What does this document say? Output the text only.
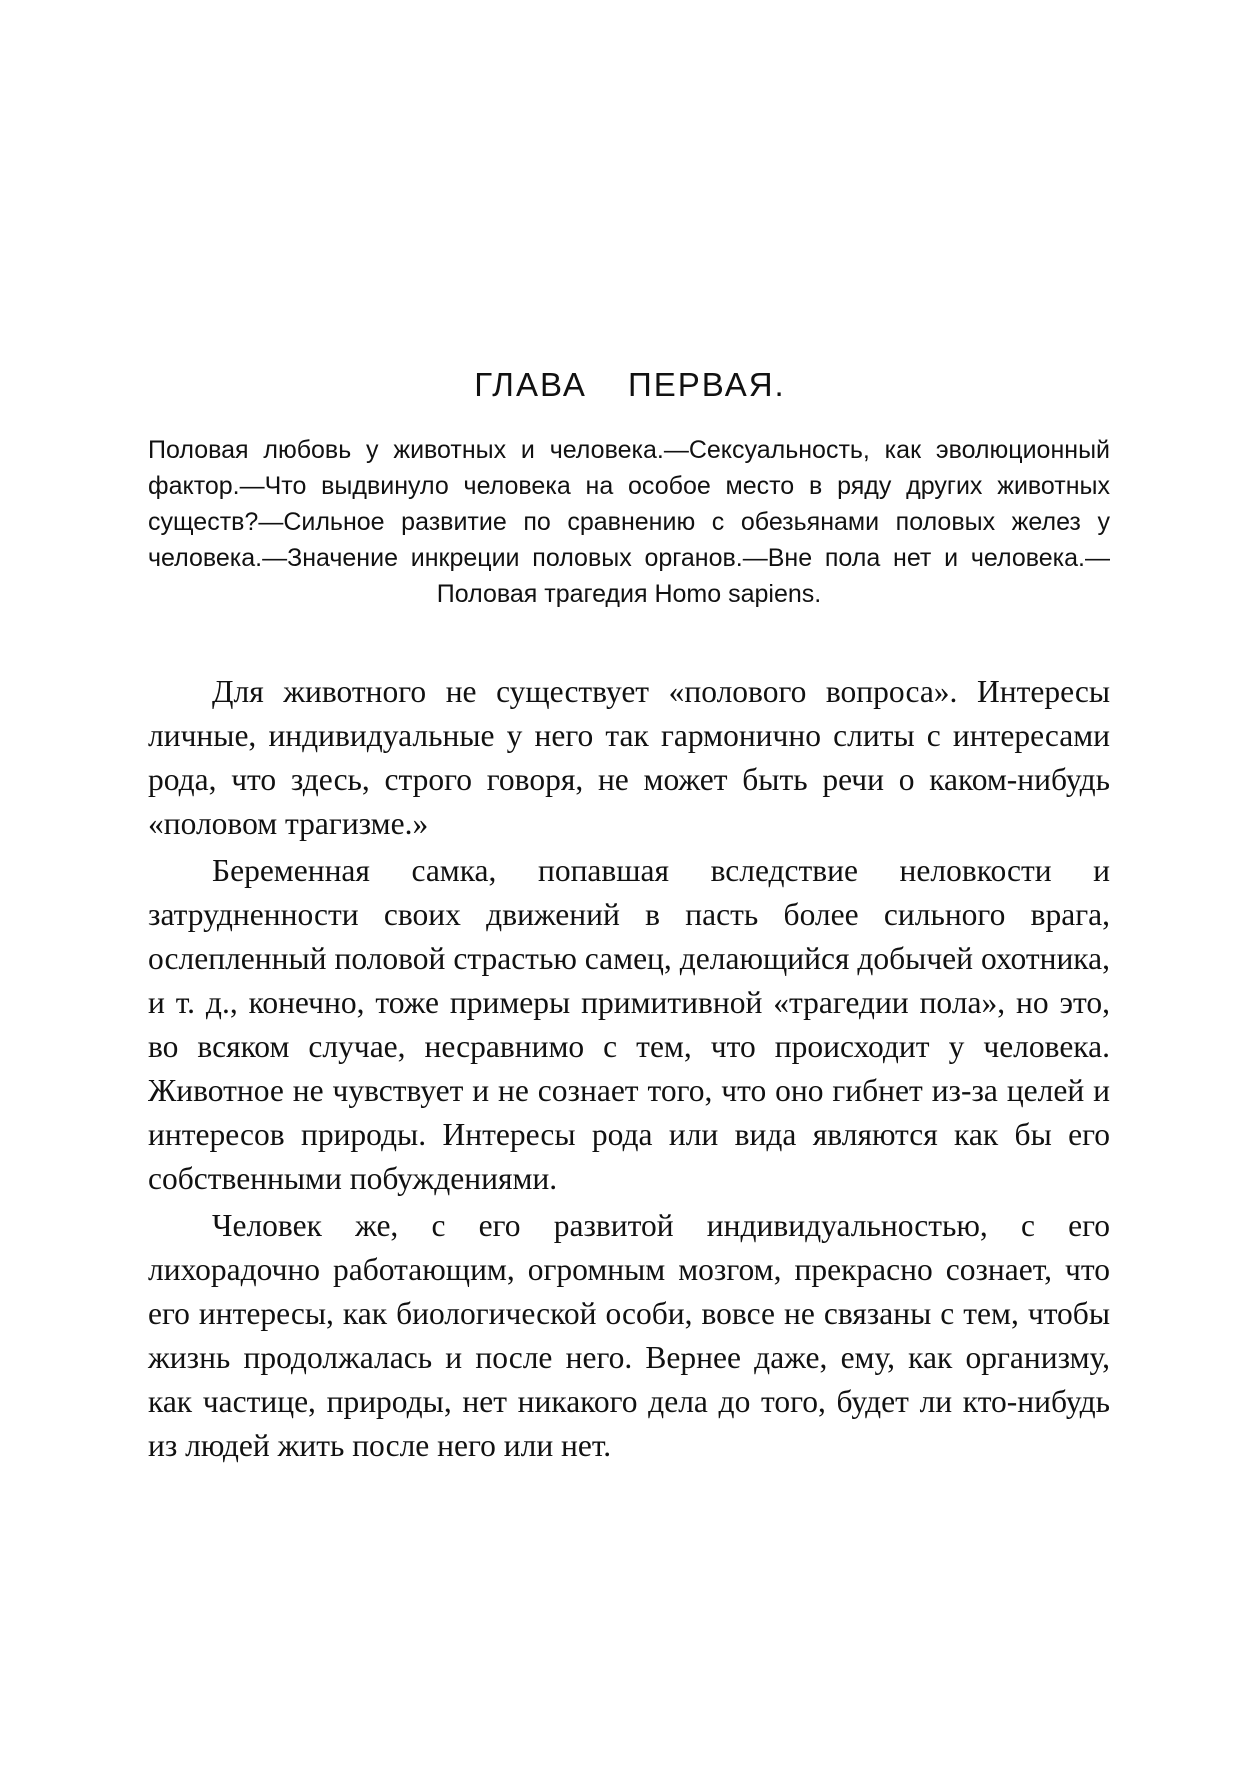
ГЛАВА ПЕРВАЯ.

Половая любовь у животных и человека.—Сексуальность, как эволюционный фактор.—Что выдвинуло человека на особое место в ряду других животных существ?—Сильное развитие по сравнению с обезьянами половых желез у человека.—Значение инкреции половых органов.—Вне пола нет и человека.—Половая трагедия Homo sapiens.

Для животного не существует «полового вопроса». Интересы личные, индивидуальные у него так гармонично слиты с интересами рода, что здесь, строго говоря, не может быть речи о каком-нибудь «половом трагизме.»

Беременная самка, попавшая вследствие неловкости и затрудненности своих движений в пасть более сильного врага, ослепленный половой страстью самец, делающийся добычей охотника, и т. д., конечно, тоже примеры примитивной «трагедии пола», но это, во всяком случае, несравнимо с тем, что происходит у человека. Животное не чувствует и не сознает того, что оно гибнет из-за целей и интересов природы. Интересы рода или вида являются как бы его собственными побуждениями.

Человек же, с его развитой индивидуальностью, с его лихорадочно работающим, огромным мозгом, прекрасно сознает, что его интересы, как биологической особи, вовсе не связаны с тем, чтобы жизнь продолжалась и после него. Вернее даже, ему, как организму, как частице, природы, нет никакого дела до того, будет ли кто-нибудь из людей жить после него или нет.
